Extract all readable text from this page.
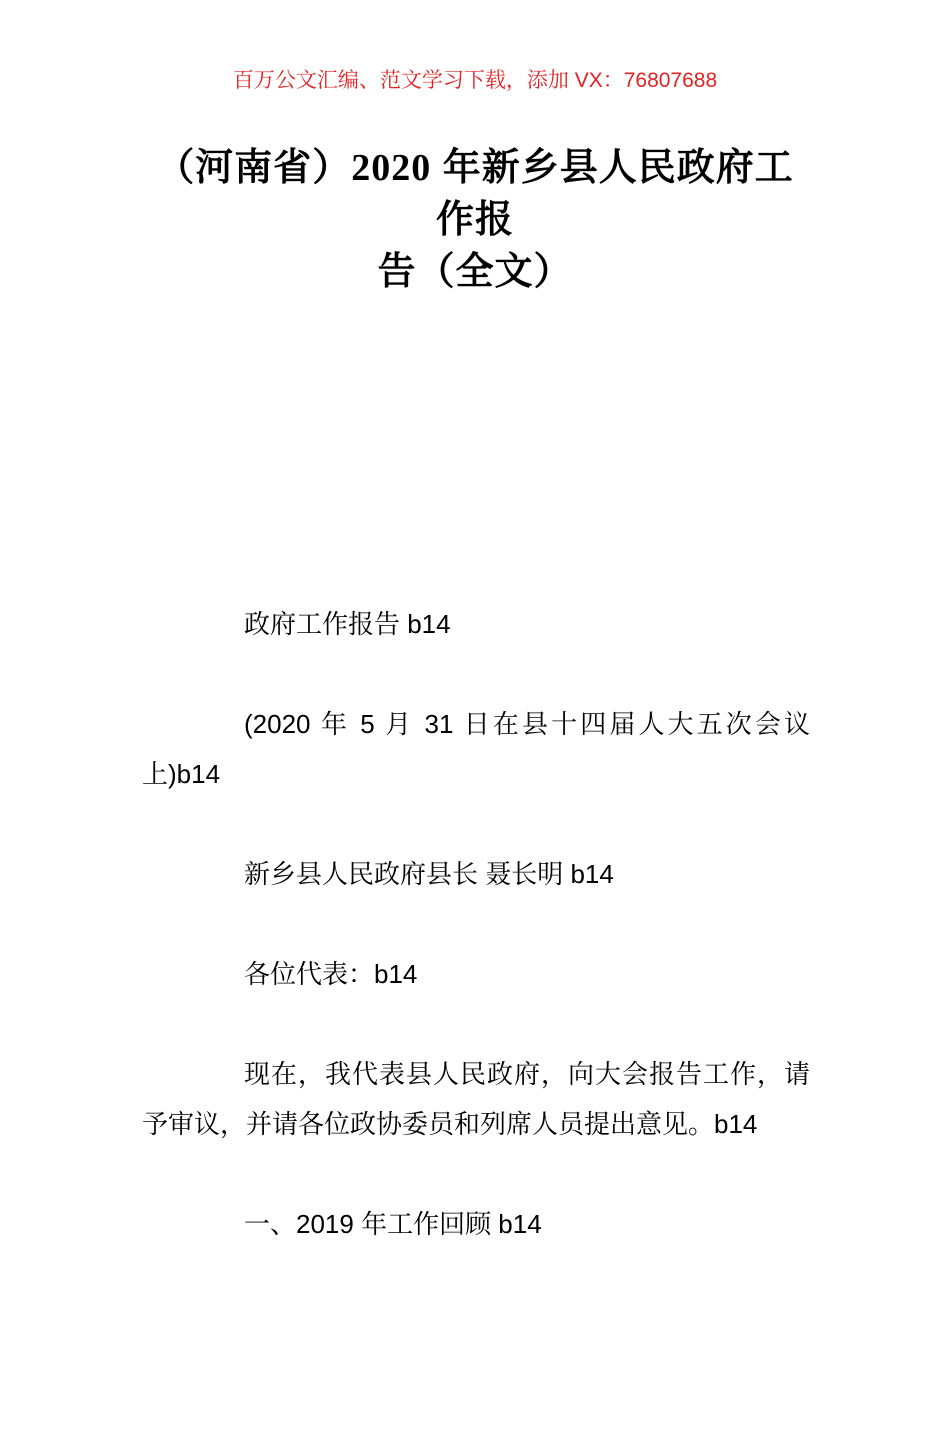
百万公文汇编、范文学习下载，添加 VX：76807688
（河南省）2020 年新乡县人民政府工作报
告（全文）
政府工作报告 b14
(2020 年 5 月 31 日在县十四届人大五次会议
上)b14
新乡县人民政府县长 聂长明 b14
各位代表：b14
现在，我代表县人民政府，向大会报告工作，请
予审议，并请各位政协委员和列席人员提出意见。b14
一、2019 年工作回顾 b14
